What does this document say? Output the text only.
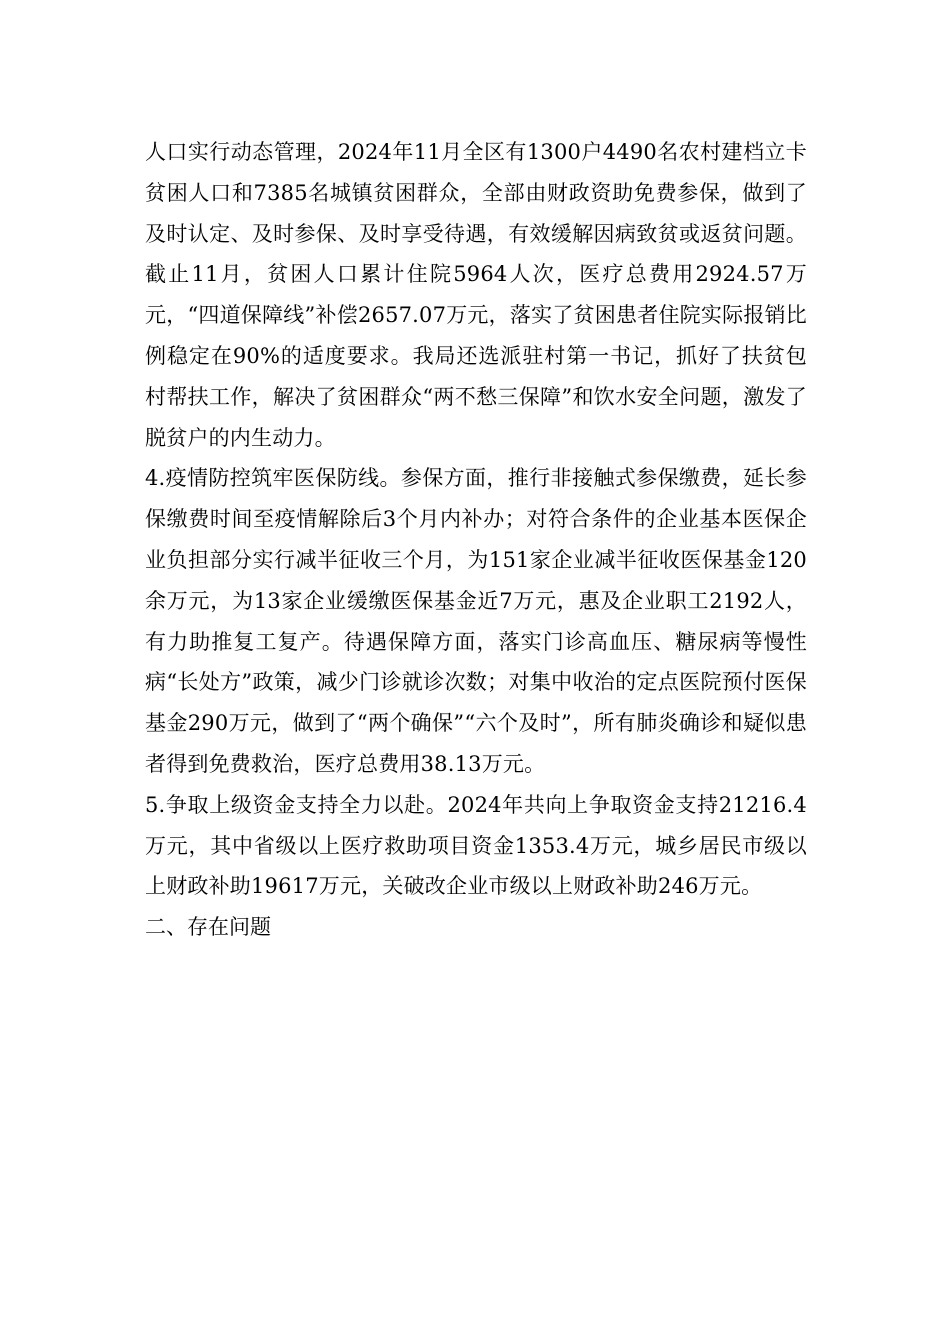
人口实行动态管理，2024年11月全区有1300户4490名农村建档立卡贫困人口和7385名城镇贫困群众，全部由财政资助免费参保，做到了及时认定、及时参保、及时享受待遇，有效缓解因病致贫或返贫问题。截止11月，贫困人口累计住院5964人次，医疗总费用2924.57万元，“四道保障线”补偿2657.07万元，落实了贫困患者住院实际报销比例稳定在90%的适度要求。我局还选派驻村第一书记，抓好了扶贫包村帮扶工作，解决了贫困群众“两不愁三保障”和饮水安全问题，激发了脱贫户的内生动力。

4.疫情防控筑牢医保防线。参保方面，推行非接触式参保缴费，延长参保缴费时间至疫情解除后3个月内补办；对符合条件的企业基本医保企业负担部分实行减半征收三个月，为151家企业减半征收医保基金120余万元，为13家企业缓缴医保基金近7万元，惠及企业职工2192人，有力助推复工复产。待遇保障方面，落实门诊高血压、糖尿病等慢性病“长处方”政策，减少门诊就诊次数；对集中收治的定点医院预付医保基金290万元，做到了“两个确保”“六个及时”，所有肺炎确诊和疑似患者得到免费救治，医疗总费用38.13万元。

5.争取上级资金支持全力以赴。2024年共向上争取资金支持21216.4万元，其中省级以上医疗救助项目资金1353.4万元，城乡居民市级以上财政补助19617万元，关破改企业市级以上财政补助246万元。

二、存在问题
